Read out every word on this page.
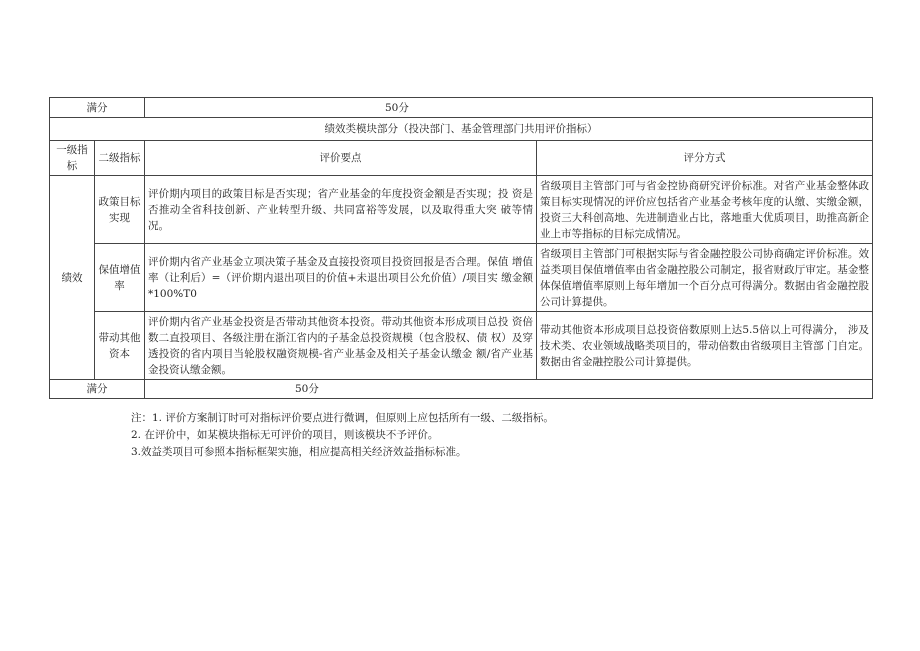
满分		50分	
绩效类模块部分（投决部门、基金管理部门共用评价指标）			
一级指标	二级指标	评价要点	评分方式
绩效	政策目标实现	评价期内项目的政策目标是否实现；省产业基金的年度投资金额是否实现；投 资是否推动全省科技创新、产业转型升级、共同富裕等发展，以及取得重大突 破等情况。	省级项目主管部门可与省金控协商研究评价标准。对省产业基金整体政策目标实现情况的评价应包括省产业基金考核年度的认缴、实缴金额，投资三大科创高地、先进制造业占比，落地重大优质项目，助推高新企业上市等指标的目标完成情况。
	保值增值率	评价期内省产业基金立项决策子基金及直接投资项目投资回报是否合理。保值 增值率（让利后）=（评价期内退出项目的价值+未退出项目公允价值）/项目实 缴金额*100%T0	省级项目主管部门可根据实际与省金融控股公司协商确定评价标准。效益类项目保值增值率由省金融控股公司制定，报省财政厅审定。基金整体保值增值率原则上每年增加一个百分点可得满分。数据由省金融控股公司计算提供。
	带动其他资本	评价期内省产业基金投资是否带动其他资本投资。带动其他资本形成项目总投 资倍数二直投项目、各级注册在浙江省内的子基金总投资规模（包含股权、债 权）及穿透投资的省内项目当轮股权融资规模-省产业基金及相关子基金认缴金 额/省产业基金投资认缴金额。	带动其他资本形成项目总投资倍数原则上达5.5倍以上可得满分， 涉及技术类、农业领域战略类项目的，带动倍数由省级项目主管部 门自定。数据由省金融控股公司计算提供。
满分		50分	
注：1. 评价方案制订时可对指标评价要点进行微调，但原则上应包括所有一级、二级指标。
2. 在评价中，如某模块指标无可评价的项目，则该模块不予评价。
3.效益类项目可参照本指标框架实施，相应提高相关经济效益指标标准。
